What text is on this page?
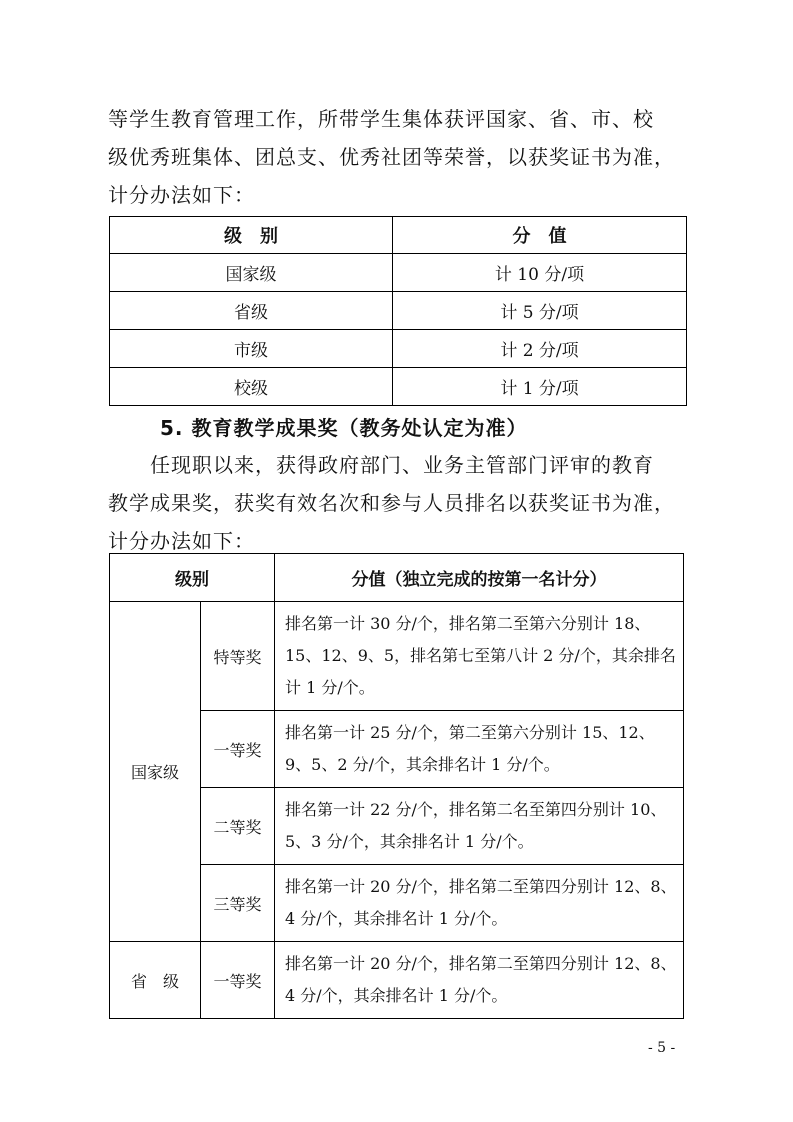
等学生教育管理工作，所带学生集体获评国家、省、市、校
级优秀班集体、团总支、优秀社团等荣誉，以获奖证书为准，
计分办法如下：
级　别	分　值
国家级	计 10 分/项
省级	计 5 分/项
市级	计 2 分/项
校级	计 1 分/项

5. 教育教学成果奖（教务处认定为准）

任现职以来，获得政府部门、业务主管部门评审的教育
教学成果奖，获奖有效名次和参与人员排名以获奖证书为准，
计分办法如下：
级别		分值（独立完成的按第一名计分）
国家级	特等奖	排名第一计 30 分/个，排名第二至第六分别计 18、15、12、9、5，排名第七至第八计 2 分/个，其余排名计 1 分/个。
	一等奖	排名第一计 25 分/个，第二至第六分别计 15、12、9、5、2 分/个，其余排名计 1 分/个。
	二等奖	排名第一计 22 分/个，排名第二名至第四分别计 10、5、3 分/个，其余排名计 1 分/个。
	三等奖	排名第一计 20 分/个，排名第二至第四分别计 12、8、4 分/个，其余排名计 1 分/个。
省　级	一等奖	排名第一计 20 分/个，排名第二至第四分别计 12、8、4 分/个，其余排名计 1 分/个。
- 5 -
